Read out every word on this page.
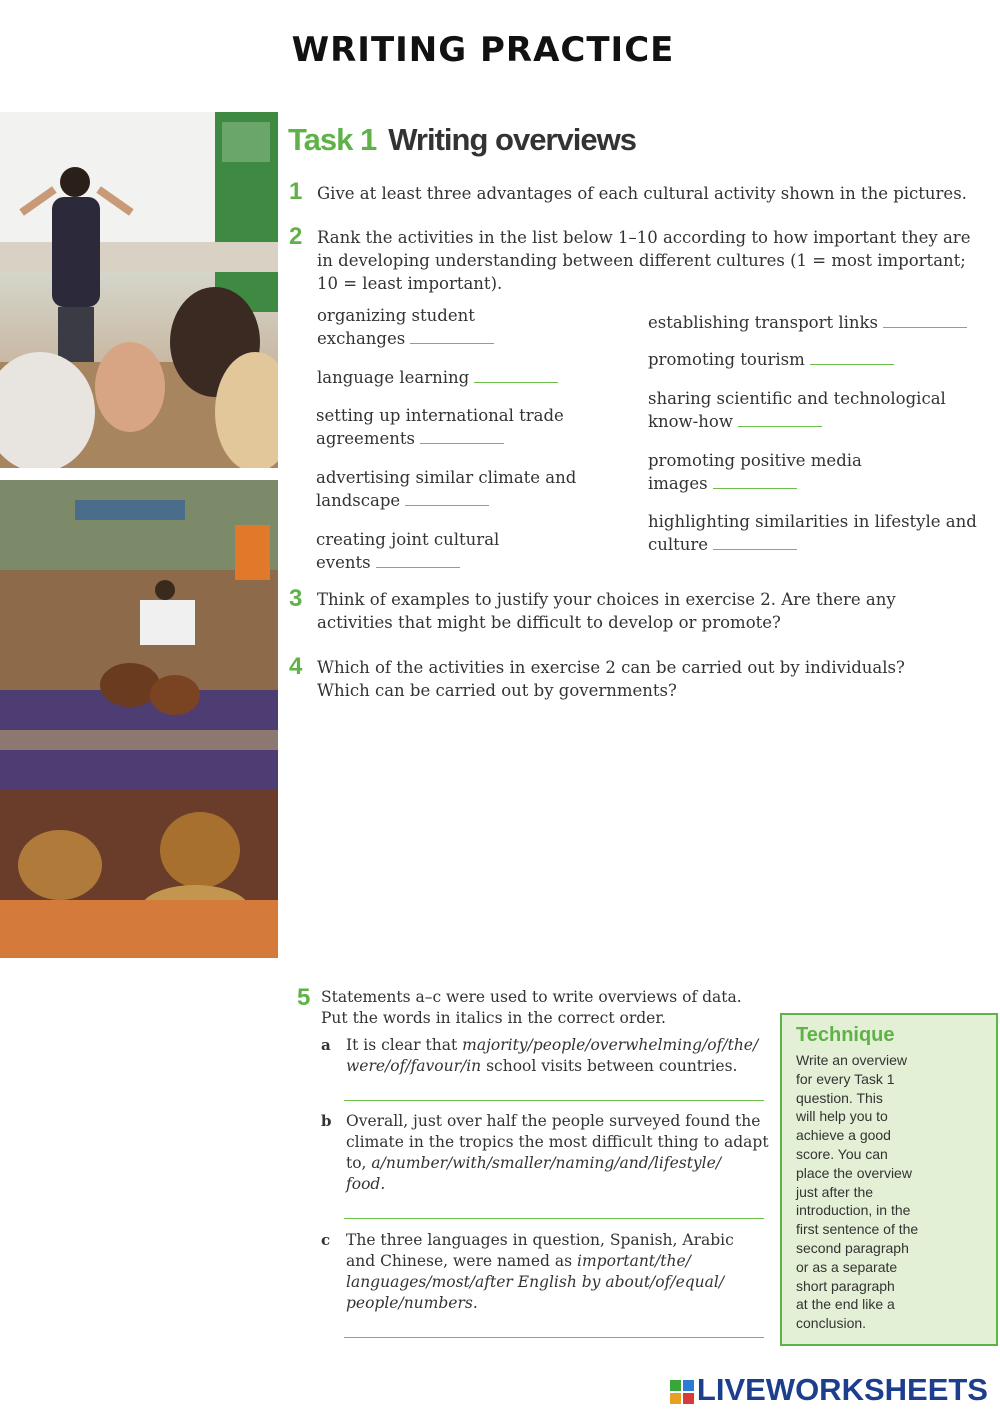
WRITING PRACTICE
Task 1 Writing overviews
1 Give at least three advantages of each cultural activity shown in the pictures.
2 Rank the activities in the list below 1–10 according to how important they are
in developing understanding between different cultures (1 = most important;
10 = least important).
organizing student
exchanges
language learning
setting up international trade
agreements
advertising similar climate and
landscape
creating joint cultural
events
establishing transport links
promoting tourism
sharing scientific and technological
know-how
promoting positive media
images
highlighting similarities in lifestyle and
culture
3 Think of examples to justify your choices in exercise 2. Are there any
activities that might be difficult to develop or promote?
4 Which of the activities in exercise 2 can be carried out by individuals?
Which can be carried out by governments?
5 Statements a–c were used to write overviews of data.
Put the words in italics in the correct order.
a It is clear that majority/people/overwhelming/of/the/
were/of/favour/in school visits between countries.
b Overall, just over half the people surveyed found the
climate in the tropics the most difficult thing to adapt
to, a/number/with/smaller/naming/and/lifestyle/
food.
c The three languages in question, Spanish, Arabic
and Chinese, were named as important/the/
languages/most/after English by about/of/equal/
people/numbers.
Technique
Write an overview
for every Task 1
question. This
will help you to
achieve a good
score. You can
place the overview
just after the
introduction, in the
first sentence of the
second paragraph
or as a separate
short paragraph
at the end like a
conclusion.
LIVEWORKSHEETS
